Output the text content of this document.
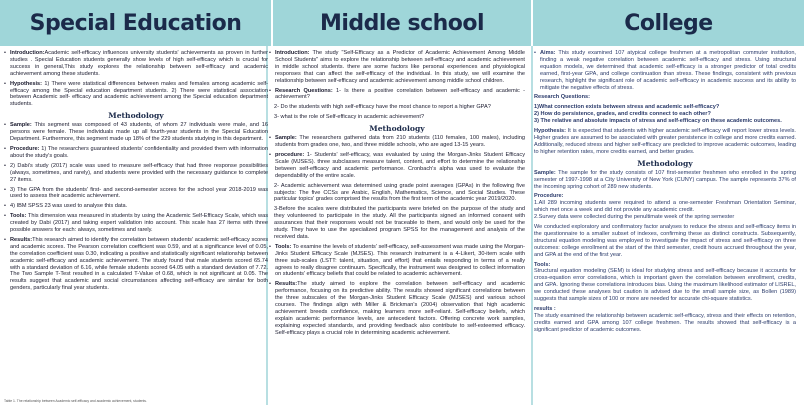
Special Education	Middle school	College
• Introduction:Academic self-efficacy influences university students' achievements as proven in further studies . Special Education students generally show levels of high self-efficacy which is crucial for success in general,This study explores the relationship between self-efficacy and academic achievement among these students.
• Hypothesis: 1) There were statistical differences between males and females among academic self- efficacy among the Special education department students. 2) There were statistical association between Academic self- efficacy and academic achievement among the Special education department students.
Methodology
• Sample: This segment was composed of 43 students, of whom 27 individuals were male, and 16 persons were female. These individuals made up all fourth-year students in the Special Education Department. Furthermore, this segment made up 18% of the 229 students studying in this department.
• Procedure: 1) The researchers guaranteed students' confidentiality and provided them with information about the study's goals.
• 2) Dabi's study (2017) scale was used to measure self-efficacy that had three response possibilities (always, sometimes, and rarely), and students were provided with the necessary guidance to complete 27 items.
• 3) The GPA from the students' first- and second-semester scores for the school year 2018-2019 was used to assess their academic achievement.
• 4) IBM SPSS 23 was used to analyse this data.
• Tools: This dimension was measured in students by using the Academic Self-Efficacy Scale, which was created by Dabi (2017) and taking expert validation into account. This scale has 27 items with three possible answers for each: always, sometimes and rarely.
• Results:This research aimed to identify the correlation between students' academic self-efficacy scores and academic scores. The Pearson correlation coefficient was 0.59, and at a significance level of 0.05, the correlation coefficient was 0.30, indicating a positive and statistically significant relationship between academic self-efficacy and academic achievement. The study found that male students scored 65.74 with a standard deviation of 6.16, while female students scored 64.05 with a standard deviation of 7.72. The Two Sample T-Test resulted in a calculated T-Value of 0.68, which is not significant at 0.05. The results suggest that academic and social circumstances affecting self-efficacy are similar for both genders, particularly final year students.
Table 1. The relationship between Academic self-efficacy and academic achievement, students.
• Introduction: The study "Self-Efficacy as a Predictor of Academic Achievement Among Middle School Students" aims to explore the relationship between self-efficacy and academic achievement in middle school students. there are some factors like personal experiences and physiological responses that can affect the self-efficacy of the individual. In this study, we will examine the relationship between self-efficacy and academic achievement among middle school children.
• Research Questions: 1- Is there a positive correlation between self-efficacy and academic - achievement?

2- Do the students with high self-efficacy have the most chance to report a higher GPA?

3- what is the role of Self-efficacy in academic achievement?

Methodology
• Sample: The researchers gathered data from 210 students (110 females, 100 males), including students from grades one, two, and three middle schools, who are aged 13-15 years.
• procedure: 1- Students' self-efficacy, was evaluated by using the Morgan-Jinks Student Efficacy Scale (MJSES). three subclasses measure talent, content, and effort to determine the relationship between self-efficacy and academic performance. Cronbach's alpha was used to evaluate the dependability of the entire scale.

2- Academic achievement was determined using grade point averages (GPAs) in the following five subjects: The five CCSs are Arabic, English, Mathematics, Science, and Social Studies. These particular topics' grades comprised the results from the first term of the academic year 2019/2020.

3-Before the scales were distributed the participants were briefed on the purpose of the study and they volunteered to participate in the study. All the participants signed an informed consent with assurances that their responses would not be traceable to them, and would only be used for the study. They have to use the specialized program SPSS for the management and analysis of the received data.

• Tools: To examine the levels of students' self-efficacy, self-assessment was made using the Morgan-Jinks Student Efficacy Scale (MJSES). This research instrument is a 4-Likert, 30-item scale with three sub-scales (LSTT: talent, situation, and effort) that entails responding in terms of a really agrees to really disagree continuum. Specifically, the instrument was designed to collect information on students' efficacy beliefs that could be related to academic achievement.
• Results:The study aimed to explore the correlation between self-efficacy and academic performance, focusing on its predictive ability. The results showed significant correlations between the three subscales of the Morgan-Jinks Student Efficacy Scale (MJSES) and various school courses. The findings align with Miller & Brickman's (2004) observation that high academic achievement breeds confidence, making learners more self-reliant. Self-efficacy beliefs, which explain academic performance levels, are antecedent factors. Offering concrete work samples, explaining expected standards, and providing feedback also contribute to self-esteemed efficacy. Self-efficacy plays a crucial role in determining academic achievement.
• Aims: This study examined 107 atypical college freshmen at a metropolitan commuter institution, finding a weak negative correlation between academic self-efficacy and stress. Using structural equation models, we determined that academic self-efficacy is a stronger predictor of total credits earned, first-year GPA, and college continuation than stress. These findings, consistent with previous research, highlight the significant role of academic self-efficacy in academic success and its ability to mitigate the negative effects of stress.

Research Questions:

1)What connection exists between stress and academic self-efficacy?

2) How do persistence, grades, and credits connect to each other?

3) The relative and absolute impacts of stress and self-efficacy on these academic outcomes.

Hypothesis: It is expected that students with higher academic self-efficacy will report lower stress levels. Higher grades are assumed to be associated with greater persistence in college and more credits earned. Additionally, reduced stress and higher self-efficacy are predicted to improve academic outcomes, leading to higher retention rates, more credits earned, and better grades.

Methodology

Sample: The sample for the study consists of 107 first-semester freshmen who enrolled in the spring semester of 1997-1998 at a City University of New York (CUNY) campus. The sample represents 37% of the incoming spring cohort of 289 new students.

Procedure:

1.All 289 incoming students were required to attend a one-semester Freshman Orientation Seminar, which met once a week and did not provide any academic credit.

2.Survey data were collected during the penultimate week of the spring semester

We conducted exploratory and confirmatory factor analyses to reduce the stress and self-efficacy items in the questionnaire to a smaller subset of indexes, confirming these as distinct constructs. Subsequently, structural equation modeling was employed to investigate the impact of stress and self-efficacy on three outcomes: college enrollment at the start of the third semester, credit hours accrued throughout the year, and GPA at the end of the first year.

Tools:

Structural equation modeling (SEM) is ideal for studying stress and self-efficacy because it accounts for cross-equation error correlations, which is important given the correlation between enrollment, credits, and GPA. Ignoring these correlations introduces bias. Using the maximum likelihood estimator of LISREL, we conducted these analyses but caution is advised due to the small sample size, as Bollen (1989) suggests that sample sizes of 100 or more are needed for accurate chi-square statistics.

results :

The study examined the relationship between academic self-efficacy, stress and their effects on retention, credits earned and GPA among 107 college freshmen. The results showed that self-efficacy is a significant predictor of academic outcomes.
